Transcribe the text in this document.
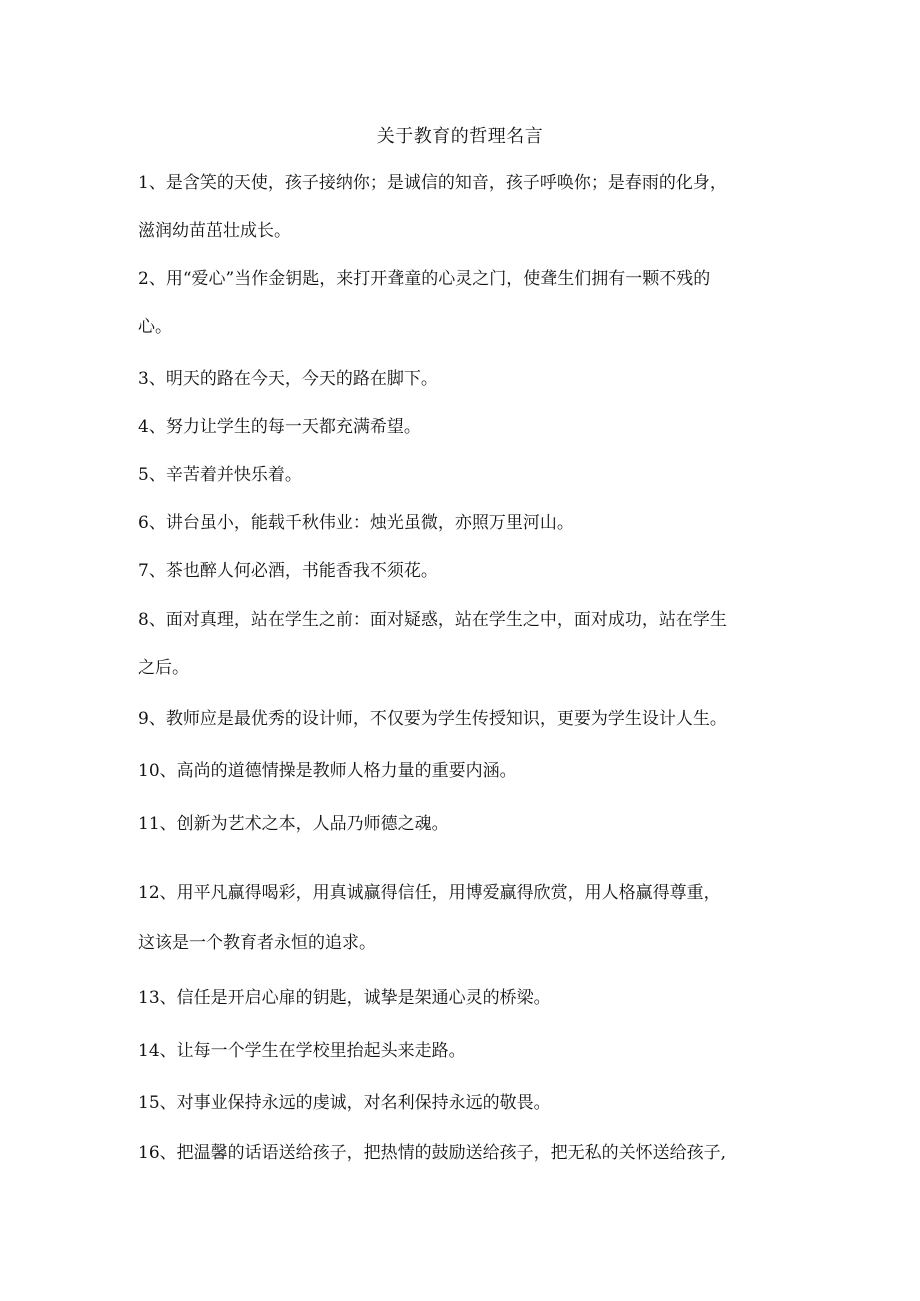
关于教育的哲理名言
1、是含笑的天使，孩子接纳你；是诚信的知音，孩子呼唤你；是春雨的化身，
滋润幼苗茁壮成长。
2、用“爱心”当作金钥匙，来打开聋童的心灵之门，使聋生们拥有一颗不残的
心。
3、明天的路在今天，今天的路在脚下。
4、努力让学生的每一天都充满希望。
5、辛苦着并快乐着。
6、讲台虽小，能载千秋伟业：烛光虽微，亦照万里河山。
7、茶也醉人何必酒，书能香我不须花。
8、面对真理，站在学生之前：面对疑惑，站在学生之中，面对成功，站在学生
之后。
9、教师应是最优秀的设计师，不仅要为学生传授知识，更要为学生设计人生。
10、高尚的道德情操是教师人格力量的重要内涵。
11、创新为艺术之本，人品乃师德之魂。
12、用平凡赢得喝彩，用真诚赢得信任，用博爱赢得欣赏，用人格赢得尊重，
这该是一个教育者永恒的追求。
13、信任是开启心扉的钥匙，诚挚是架通心灵的桥梁。
14、让每一个学生在学校里抬起头来走路。
15、对事业保持永远的虔诚，对名利保持永远的敬畏。
16、把温馨的话语送给孩子，把热情的鼓励送给孩子，把无私的关怀送给孩子,
